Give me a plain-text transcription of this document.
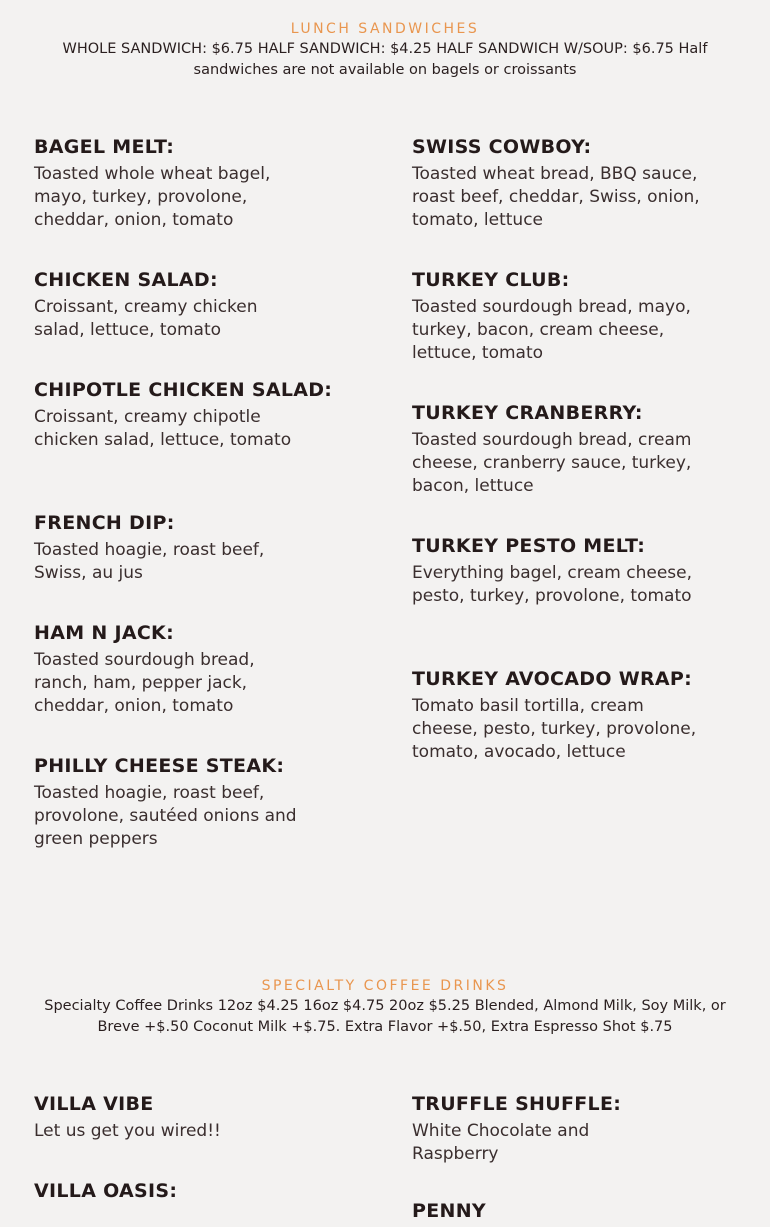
LUNCH SANDWICHES

WHOLE SANDWICH: $6.75 HALF SANDWICH: $4.25 HALF SANDWICH W/SOUP: $6.75 Half sandwiches are not available on bagels or croissants

BAGEL MELT:

Toasted whole wheat bagel, mayo, turkey, provolone, cheddar, onion, tomato

CHICKEN SALAD:

Croissant, creamy chicken salad, lettuce, tomato

CHIPOTLE CHICKEN SALAD:

Croissant, creamy chipotle chicken salad, lettuce, tomato

FRENCH DIP:

Toasted hoagie, roast beef, Swiss, au jus

HAM N JACK:

Toasted sourdough bread, ranch, ham, pepper jack, cheddar, onion, tomato

PHILLY CHEESE STEAK:

Toasted hoagie, roast beef, provolone, sautéed onions and green peppers

SWISS COWBOY:

Toasted wheat bread, BBQ sauce, roast beef, cheddar, Swiss, onion, tomato, lettuce

TURKEY CLUB:

Toasted sourdough bread, mayo, turkey, bacon, cream cheese, lettuce, tomato

TURKEY CRANBERRY:

Toasted sourdough bread, cream cheese, cranberry sauce, turkey, bacon, lettuce

TURKEY PESTO MELT:

Everything bagel, cream cheese, pesto, turkey, provolone, tomato

TURKEY AVOCADO WRAP:

Tomato basil tortilla, cream cheese, pesto, turkey, provolone, tomato, avocado, lettuce

SPECIALTY COFFEE DRINKS

Specialty Coffee Drinks 12oz $4.25 16oz $4.75 20oz $5.25 Blended, Almond Milk, Soy Milk, or Breve +$.50 Coconut Milk +$.75. Extra Flavor +$.50, Extra Espresso Shot $.75

VILLA VIBE

Let us get you wired!!

VILLA OASIS:
TRUFFLE SHUFFLE:

White Chocolate and Raspberry

PENNY
